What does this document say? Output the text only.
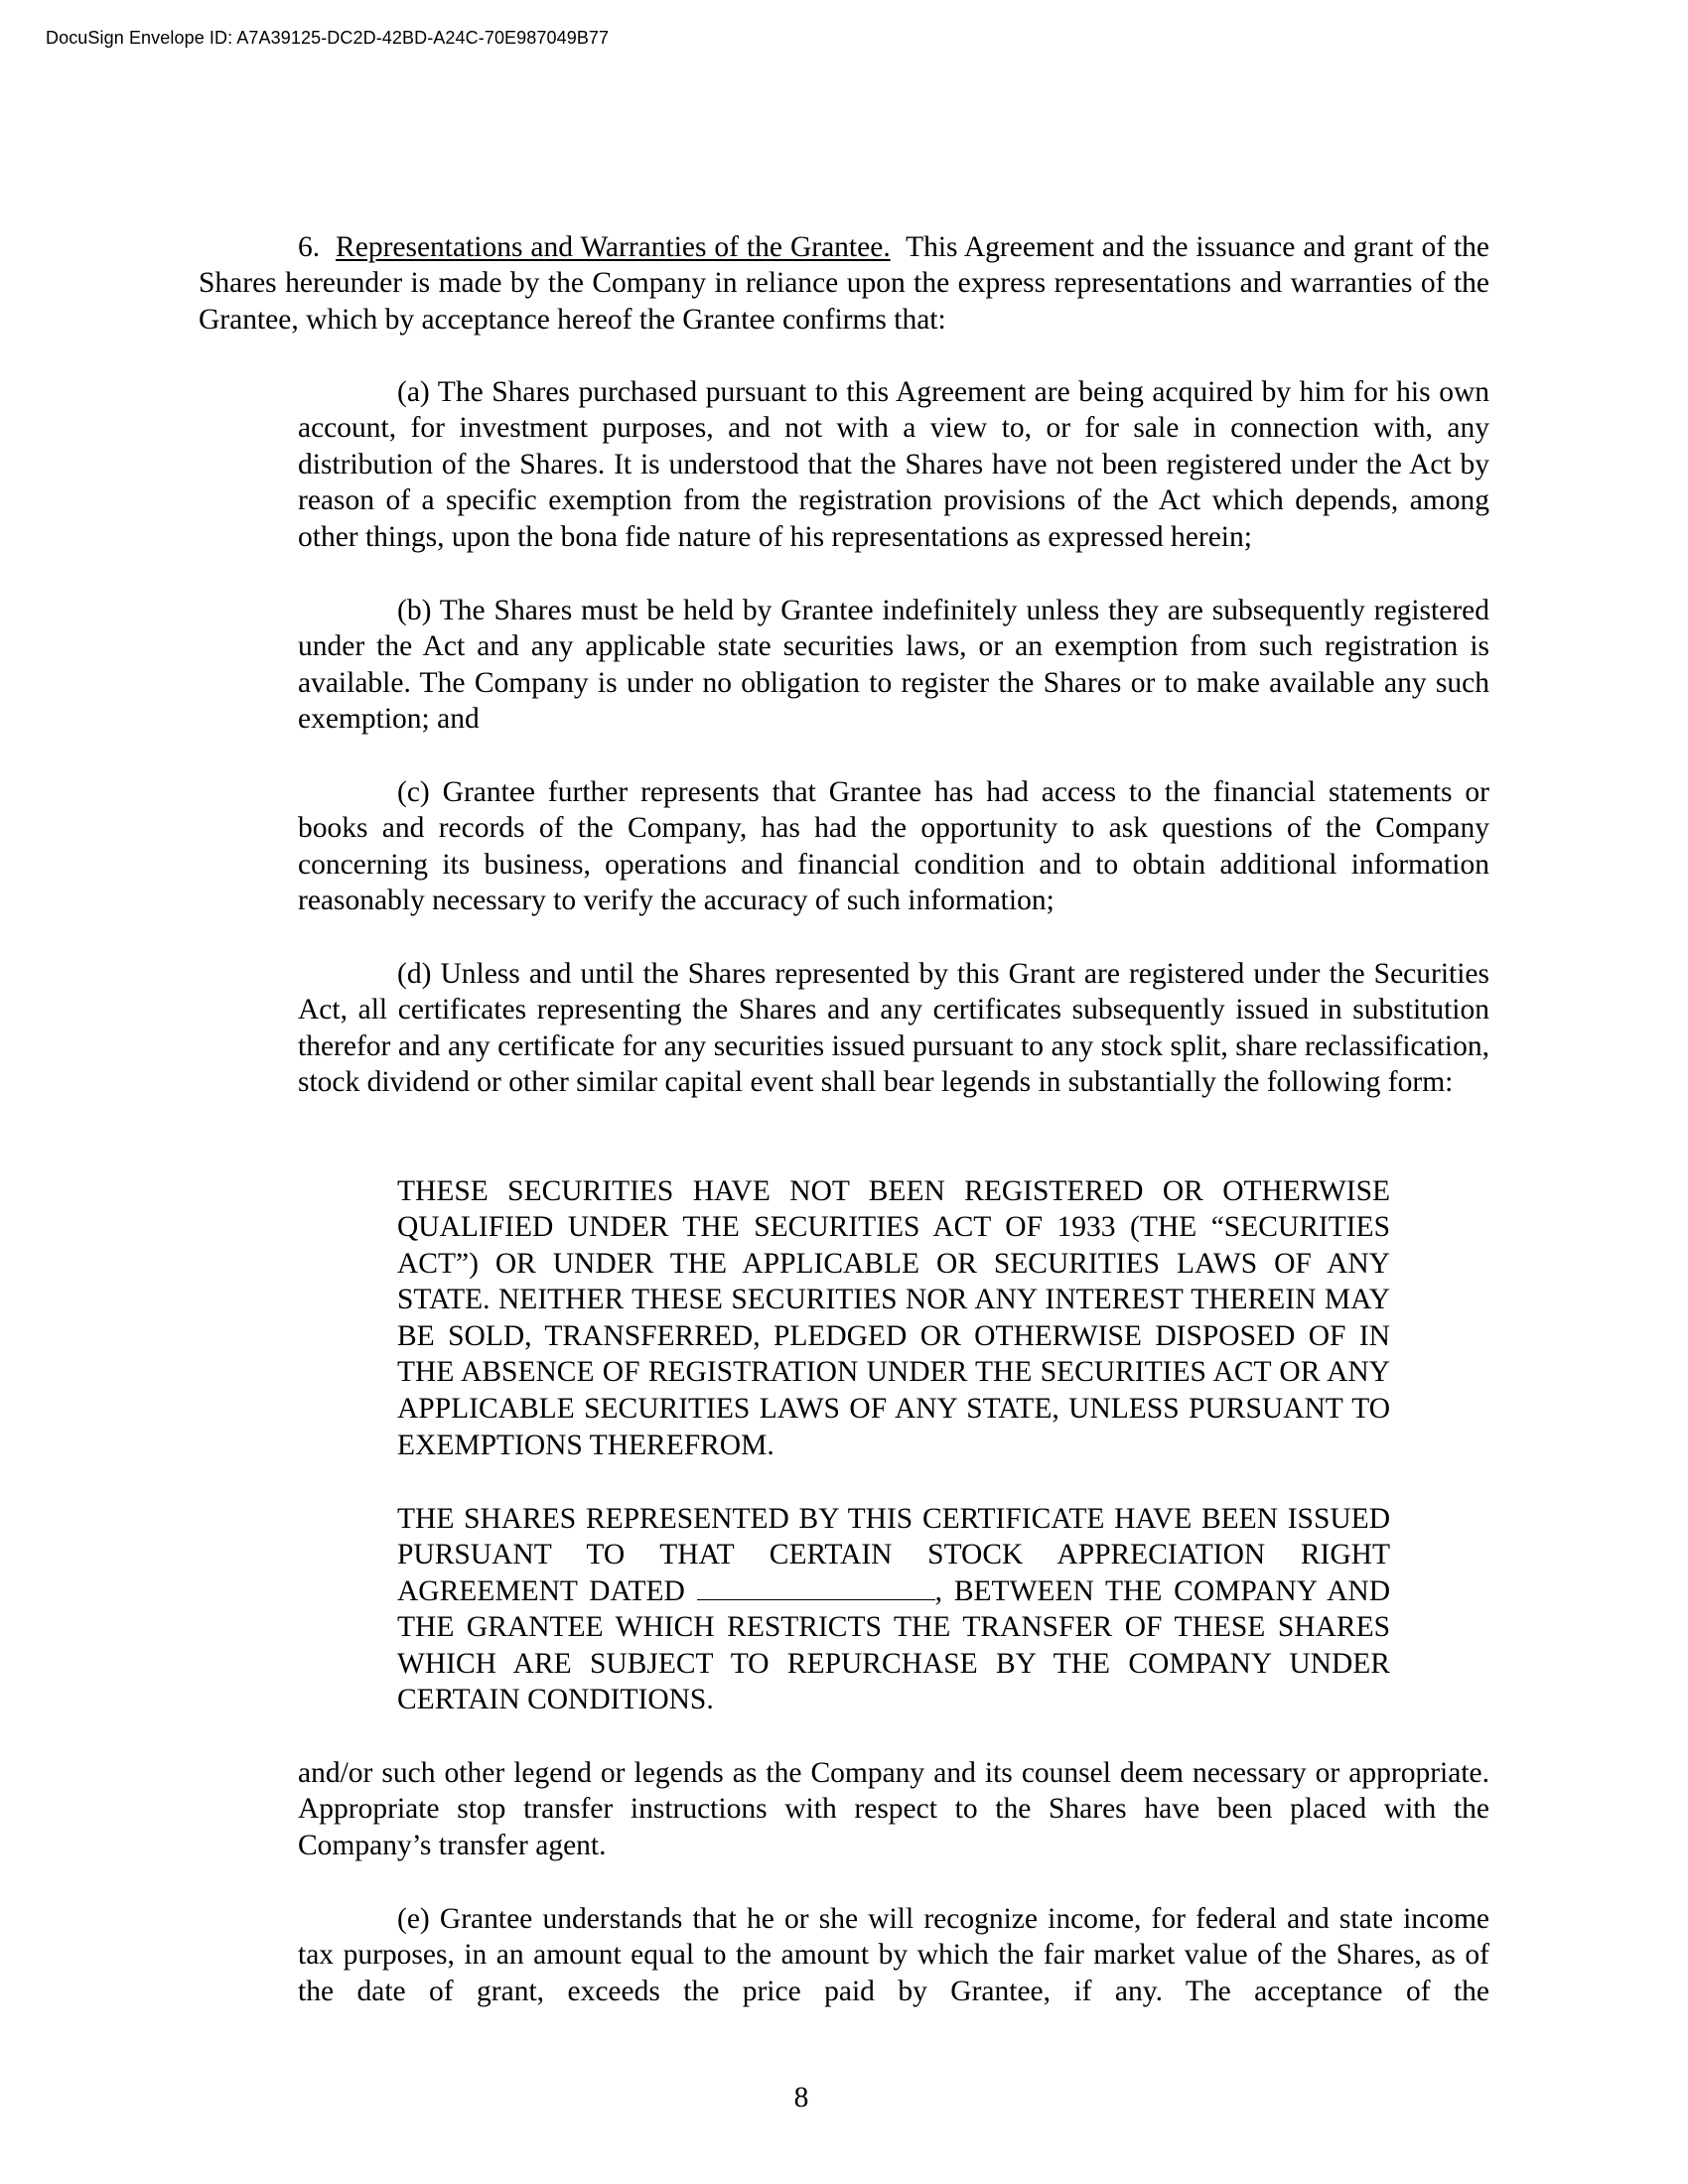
DocuSign Envelope ID: A7A39125-DC2D-42BD-A24C-70E987049B77

6. Representations and Warranties of the Grantee. This Agreement and the issuance and grant of the Shares hereunder is made by the Company in reliance upon the express representations and warranties of the Grantee, which by acceptance hereof the Grantee confirms that:

(a) The Shares purchased pursuant to this Agreement are being acquired by him for his own account, for investment purposes, and not with a view to, or for sale in connection with, any distribution of the Shares. It is understood that the Shares have not been registered under the Act by reason of a specific exemption from the registration provisions of the Act which depends, among other things, upon the bona fide nature of his representations as expressed herein;

(b) The Shares must be held by Grantee indefinitely unless they are subsequently registered under the Act and any applicable state securities laws, or an exemption from such registration is available. The Company is under no obligation to register the Shares or to make available any such exemption; and

(c) Grantee further represents that Grantee has had access to the financial statements or books and records of the Company, has had the opportunity to ask questions of the Company concerning its business, operations and financial condition and to obtain additional information reasonably necessary to verify the accuracy of such information;

(d) Unless and until the Shares represented by this Grant are registered under the Securities Act, all certificates representing the Shares and any certificates subsequently issued in substitution therefor and any certificate for any securities issued pursuant to any stock split, share reclassification, stock dividend or other similar capital event shall bear legends in substantially the following form:

THESE SECURITIES HAVE NOT BEEN REGISTERED OR OTHERWISE QUALIFIED UNDER THE SECURITIES ACT OF 1933 (THE “SECURITIES ACT”) OR UNDER THE APPLICABLE OR SECURITIES LAWS OF ANY STATE. NEITHER THESE SECURITIES NOR ANY INTEREST THEREIN MAY BE SOLD, TRANSFERRED, PLEDGED OR OTHERWISE DISPOSED OF IN THE ABSENCE OF REGISTRATION UNDER THE SECURITIES ACT OR ANY APPLICABLE SECURITIES LAWS OF ANY STATE, UNLESS PURSUANT TO EXEMPTIONS THEREFROM.

THE SHARES REPRESENTED BY THIS CERTIFICATE HAVE BEEN ISSUED PURSUANT TO THAT CERTAIN STOCK APPRECIATION RIGHT AGREEMENT DATED	, BETWEEN THE COMPANY AND THE GRANTEE WHICH RESTRICTS THE TRANSFER OF THESE SHARES WHICH ARE SUBJECT TO REPURCHASE BY THE COMPANY UNDER CERTAIN CONDITIONS.

and/or such other legend or legends as the Company and its counsel deem necessary or appropriate. Appropriate stop transfer instructions with respect to the Shares have been placed with the Company’s transfer agent.

(e) Grantee understands that he or she will recognize income, for federal and state income tax purposes, in an amount equal to the amount by which the fair market value of the Shares, as of the date of grant, exceeds the price paid by Grantee, if any. The acceptance of the

8
